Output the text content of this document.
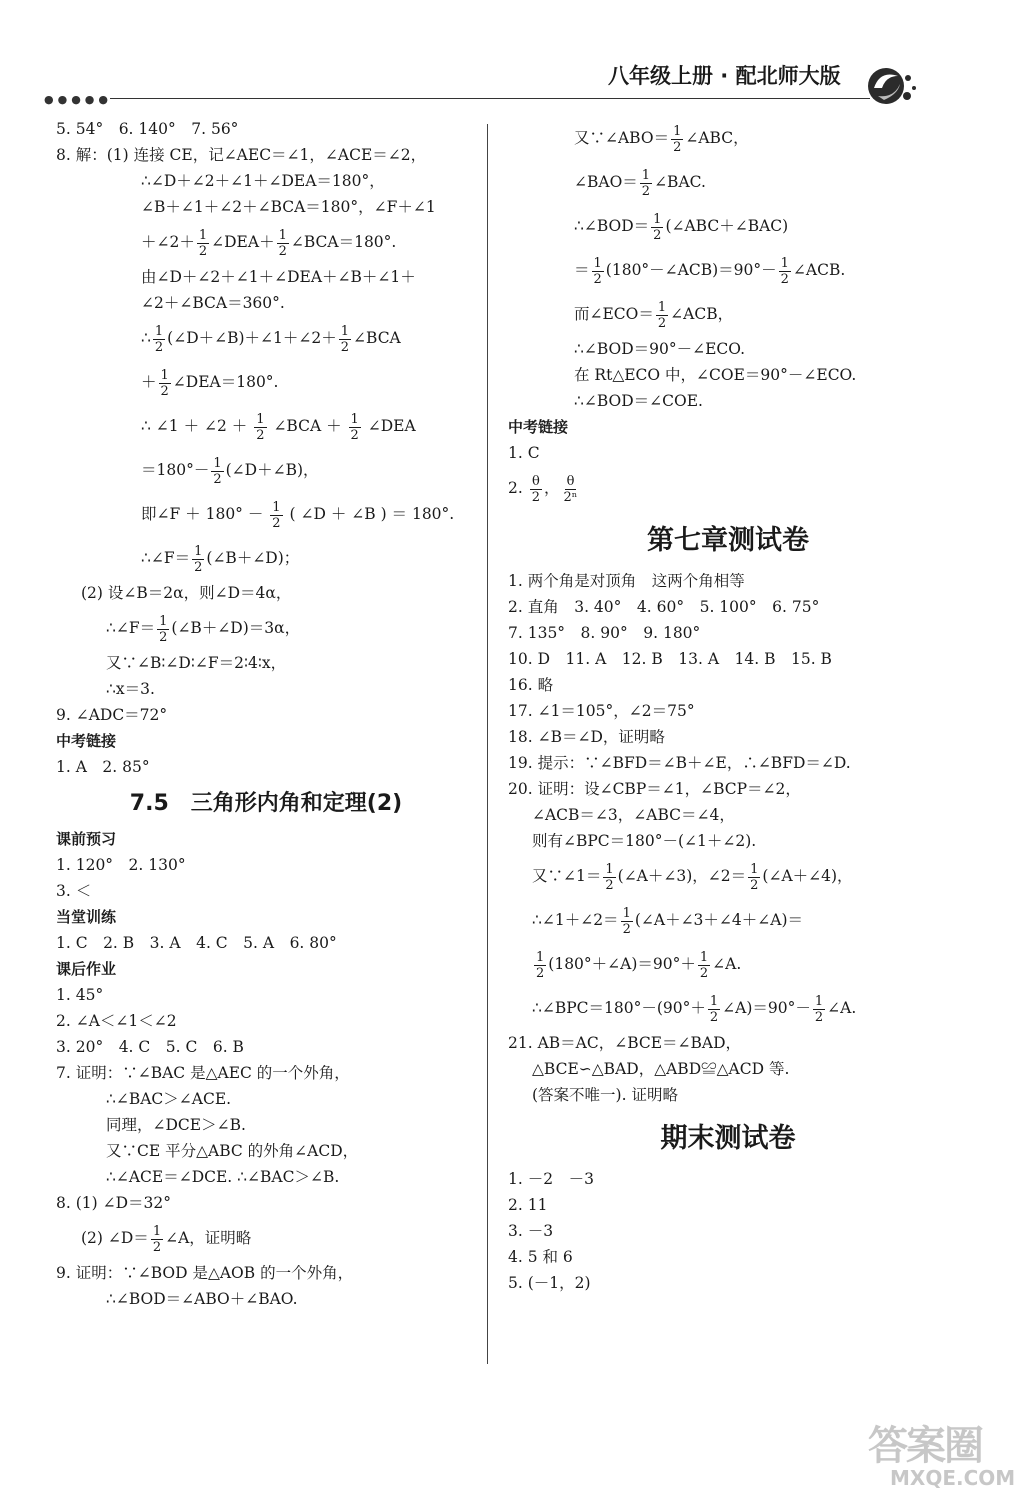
●●●●●
八年级上册 · 配北师大版
5. 54°　6. 140°　7. 56°
8. 解：(1) 连接 CE，记∠AEC＝∠1，∠ACE＝∠2，
∴∠D＋∠2＋∠1＋∠DEA＝180°，
∠B＋∠1＋∠2＋∠BCA＝180°，∠F＋∠1
＋∠2＋ $\frac{1}{2}$ ∠DEA＋ $\frac{1}{2}$ ∠BCA＝180°.
由∠D＋∠2＋∠1＋∠DEA＋∠B＋∠1＋
∠2＋∠BCA＝360°.
∴ $\frac{1}{2}$ (∠D＋∠B)＋∠1＋∠2＋ $\frac{1}{2}$ ∠BCA
＋ $\frac{1}{2}$ ∠DEA＝180°.
∴ ∠1 ＋ ∠2 ＋ $\frac{1}{2}$ ∠BCA ＋ $\frac{1}{2}$ ∠DEA
$=180^\circ- \frac{1}{2}$ (∠D＋∠B)，
即∠F ＋ $180^\circ - \frac{1}{2}$ ( ∠D ＋ ∠B ) ＝ 180°.
∴∠F＝ $\frac{1}{2}$ (∠B＋∠D)；
(2) 设∠B＝2α，则∠D＝4α，
∴∠F＝ $\frac{1}{2}$ (∠B＋∠D)＝3α，
又∵∠B∶∠D∶∠F＝2∶4∶x，
∴x＝3.
9. ∠ADC＝72°
中考链接
1. A　2. 85°
7.5　三角形内角和定理(2)
课前预习
1. 120°　2. 130°
3. ＜
当堂训练
1. C　2. B　3. A　4. C　5. A　6. 80°
课后作业
1. 45°
2. ∠A＜∠1＜∠2
3. 20°　4. C　5. C　6. B
7. 证明：∵∠BAC 是△AEC 的一个外角，
∴∠BAC＞∠ACE.
同理，∠DCE＞∠B.
又∵CE 平分△ABC 的外角∠ACD，
∴∠ACE＝∠DCE. ∴∠BAC＞∠B.
8. (1) ∠D＝32°
(2) ∠D＝ $\frac{1}{2}$ ∠A，证明略
9. 证明：∵∠BOD 是△AOB 的一个外角，
∴∠BOD＝∠ABO＋∠BAO.
又∵∠ABO＝ $\frac{1}{2}$ ∠ABC，
∠BAO＝ $\frac{1}{2}$ ∠BAC.
∴∠BOD＝ $\frac{1}{2}$ (∠ABC＋∠BAC)
＝ $\frac{1}{2}$ (180°－∠ACB)＝90°－ $\frac{1}{2}$ ∠ACB.
而∠ECO＝ $\frac{1}{2}$ ∠ACB，
∴∠BOD＝90°－∠ECO.
在 Rt△ECO 中，∠COE＝90°－∠ECO.
∴∠BOD＝∠COE.
中考链接
1. C
2. $\frac{\theta}{2}$ ， $\frac{\theta}{\text{2ⁿ}}$
第七章测试卷
1. 两个角是对顶角　这两个角相等
2. 直角　3. 40°　4. 60°　5. 100°　6. 75°
7. 135°　8. 90°　9. 180°
10. D　11. A　12. B　13. A　14. B　15. B
16. 略
17. ∠1＝105°，∠2＝75°
18. ∠B＝∠D，证明略
19. 提示：∵∠BFD＝∠B＋∠E，∴∠BFD＝∠D.
20. 证明：设∠CBP＝∠1，∠BCP＝∠2，
∠ACB＝∠3，∠ABC＝∠4，
则有∠BPC＝180°－(∠1＋∠2).
又∵∠1＝ $\frac{1}{2}$ (∠A＋∠3)，∠2＝ $\frac{1}{2}$ (∠A＋∠4)，
∴∠1＋∠2＝ $\frac{1}{2}$ (∠A＋∠3＋∠4＋∠A)＝
$\frac{1}{2}$ (180°＋∠A)＝90°＋ $\frac{1}{2}$ ∠A.
∴∠BPC＝180°－(90°＋ $\frac{1}{2}$ ∠A)＝90°－ $\frac{1}{2}$ ∠A.
21. AB＝AC，∠BCE＝∠BAD，
△BCE∽△BAD，△ABD≌△ACD 等.
(答案不唯一). 证明略
期末测试卷
1. －2　－3
2. 11
3. －3
4. 5 和 6
5. (－1，2)
答案圈
MXQE.COM
